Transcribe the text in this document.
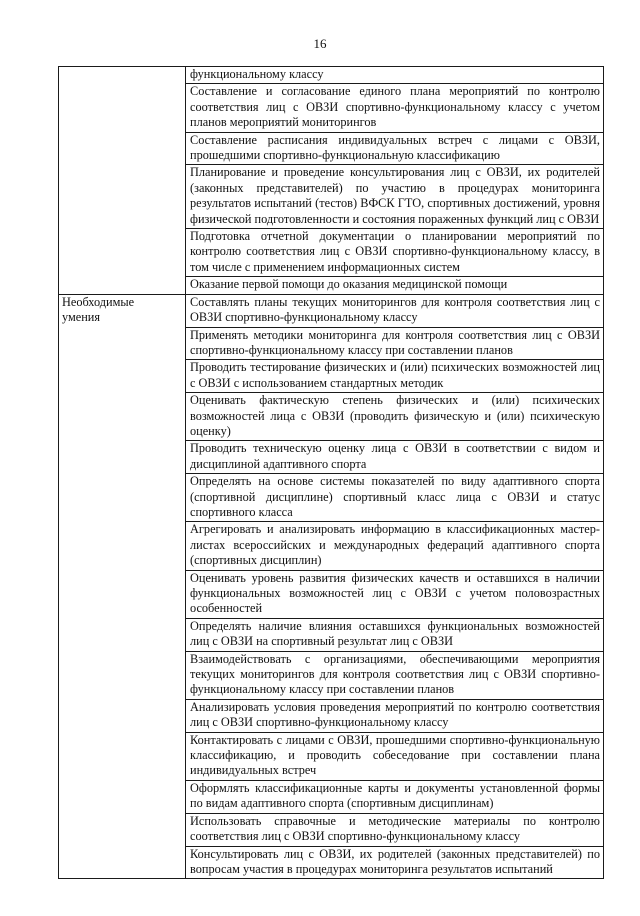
16
	функциональному классу
	Составление и согласование единого плана мероприятий по контролю соответствия лиц с ОВЗИ спортивно-функциональному классу с учетом планов мероприятий мониторингов
	Составление расписания индивидуальных встреч с лицами с ОВЗИ, прошедшими спортивно-функциональную классификацию
	Планирование и проведение консультирования лиц с ОВЗИ, их родителей (законных представителей) по участию в процедурах мониторинга результатов испытаний (тестов) ВФСК ГТО, спортивных достижений, уровня физической подготовленности и состояния пораженных функций лиц с ОВЗИ
	Подготовка отчетной документации о планировании мероприятий по контролю соответствия лиц с ОВЗИ спортивно-функциональному классу, в том числе с применением информационных систем
	Оказание первой помощи до оказания медицинской помощи

Необходимые
умения	Составлять планы текущих мониторингов для контроля соответствия лиц с ОВЗИ спортивно-функциональному классу
	Применять методики мониторинга для контроля соответствия лиц с ОВЗИ спортивно-функциональному классу при составлении планов
	Проводить тестирование физических и (или) психических возможностей лиц с ОВЗИ с использованием стандартных методик
	Оценивать фактическую степень физических и (или) психических возможностей лица с ОВЗИ (проводить физическую и (или) психическую оценку)
	Проводить техническую оценку лица с ОВЗИ в соответствии с видом и дисциплиной адаптивного спорта
	Определять на основе системы показателей по виду адаптивного спорта (спортивной дисциплине) спортивный класс лица с ОВЗИ и статус спортивного класса
	Агрегировать и анализировать информацию в классификационных мастер-листах всероссийских и международных федераций адаптивного спорта (спортивных дисциплин)
	Оценивать уровень развития физических качеств и оставшихся в наличии функциональных возможностей лиц с ОВЗИ с учетом половозрастных особенностей
	Определять наличие влияния оставшихся функциональных возможностей лиц с ОВЗИ на спортивный результат лиц с ОВЗИ
	Взаимодействовать с организациями, обеспечивающими мероприятия текущих мониторингов для контроля соответствия лиц с ОВЗИ спортивно-функциональному классу при составлении планов
	Анализировать условия проведения мероприятий по контролю соответствия лиц с ОВЗИ спортивно-функциональному классу
	Контактировать с лицами с ОВЗИ, прошедшими спортивно-функциональную классификацию, и проводить собеседование при составлении плана индивидуальных встреч
	Оформлять классификационные карты и документы установленной формы по видам адаптивного спорта (спортивным дисциплинам)
	Использовать справочные и методические материалы по контролю соответствия лиц с ОВЗИ спортивно-функциональному классу
	Консультировать лиц с ОВЗИ, их родителей (законных представителей) по вопросам участия в процедурах мониторинга результатов испытаний
